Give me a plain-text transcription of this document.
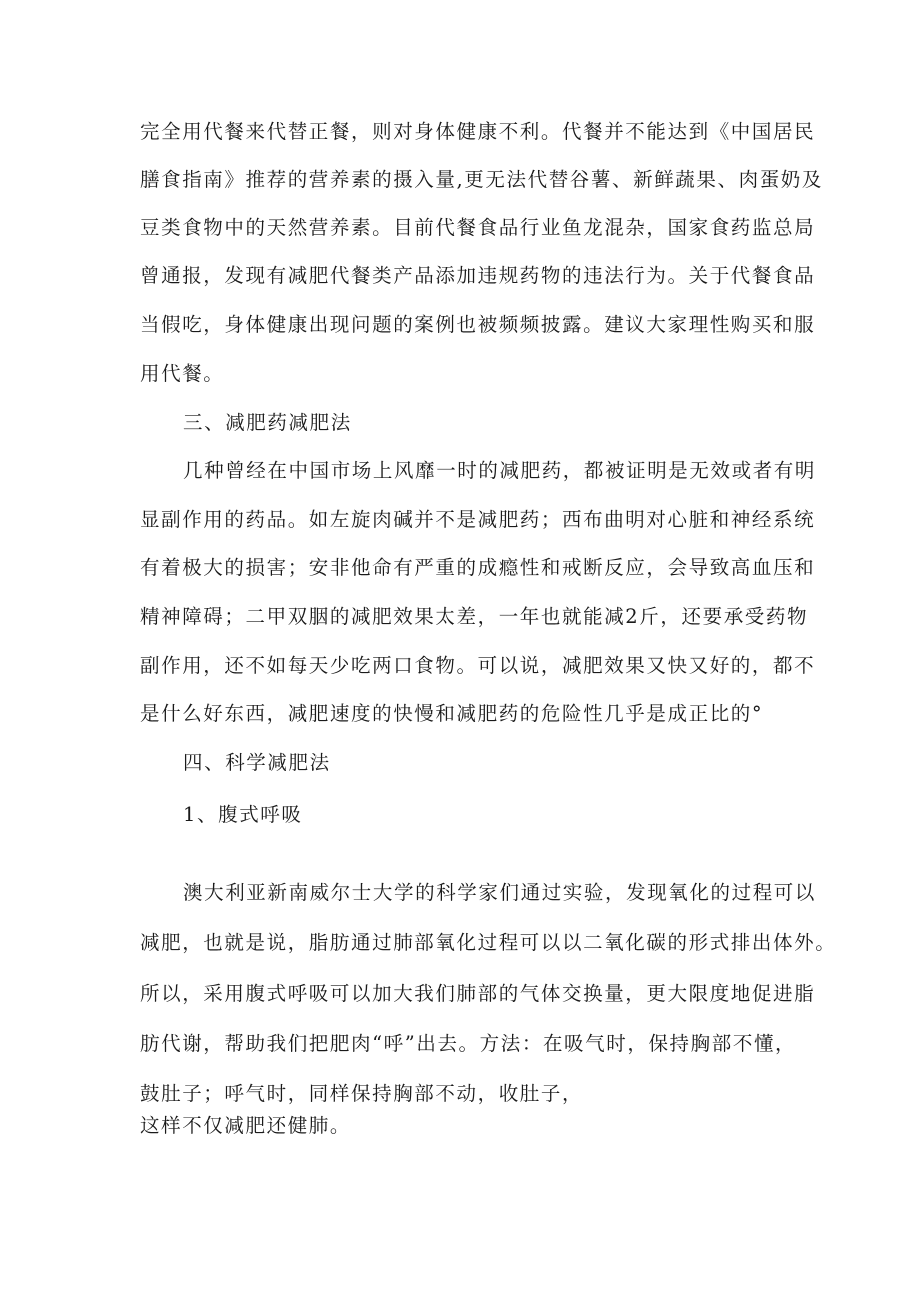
完全用代餐来代替正餐，则对身体健康不利。代餐并不能达到《中国居民
膳食指南》推荐的营养素的摄入量,更无法代替谷薯、新鲜蔬果、肉蛋奶及
豆类食物中的天然营养素。目前代餐食品行业鱼龙混杂，国家食药监总局
曾通报，发现有减肥代餐类产品添加违规药物的违法行为。关于代餐食品
当假吃，身体健康出现问题的案例也被频频披露。建议大家理性购买和服
用代餐。
三、减肥药减肥法
几种曾经在中国市场上风靡一时的减肥药，都被证明是无效或者有明
显副作用的药品。如左旋肉碱并不是减肥药；西布曲明对心脏和神经系统
有着极大的损害；安非他命有严重的成瘾性和戒断反应，会导致高血压和
精神障碍；二甲双胭的减肥效果太差，一年也就能减2斤，还要承受药物
副作用，还不如每天少吃两口食物。可以说，减肥效果又快又好的，都不
是什么好东西，减肥速度的快慢和减肥药的危险性几乎是成正比的°
四、科学减肥法
1、腹式呼吸
澳大利亚新南威尔士大学的科学家们通过实验，发现氧化的过程可以
减肥，也就是说，脂肪通过肺部氧化过程可以以二氧化碳的形式排出体外。
所以，采用腹式呼吸可以加大我们肺部的气体交换量，更大限度地促进脂
肪代谢，帮助我们把肥肉“呼”出去。方法：在吸气时，保持胸部不懂，
鼓肚子；呼气时，同样保持胸部不动，收肚子，
这样不仅减肥还健肺。
